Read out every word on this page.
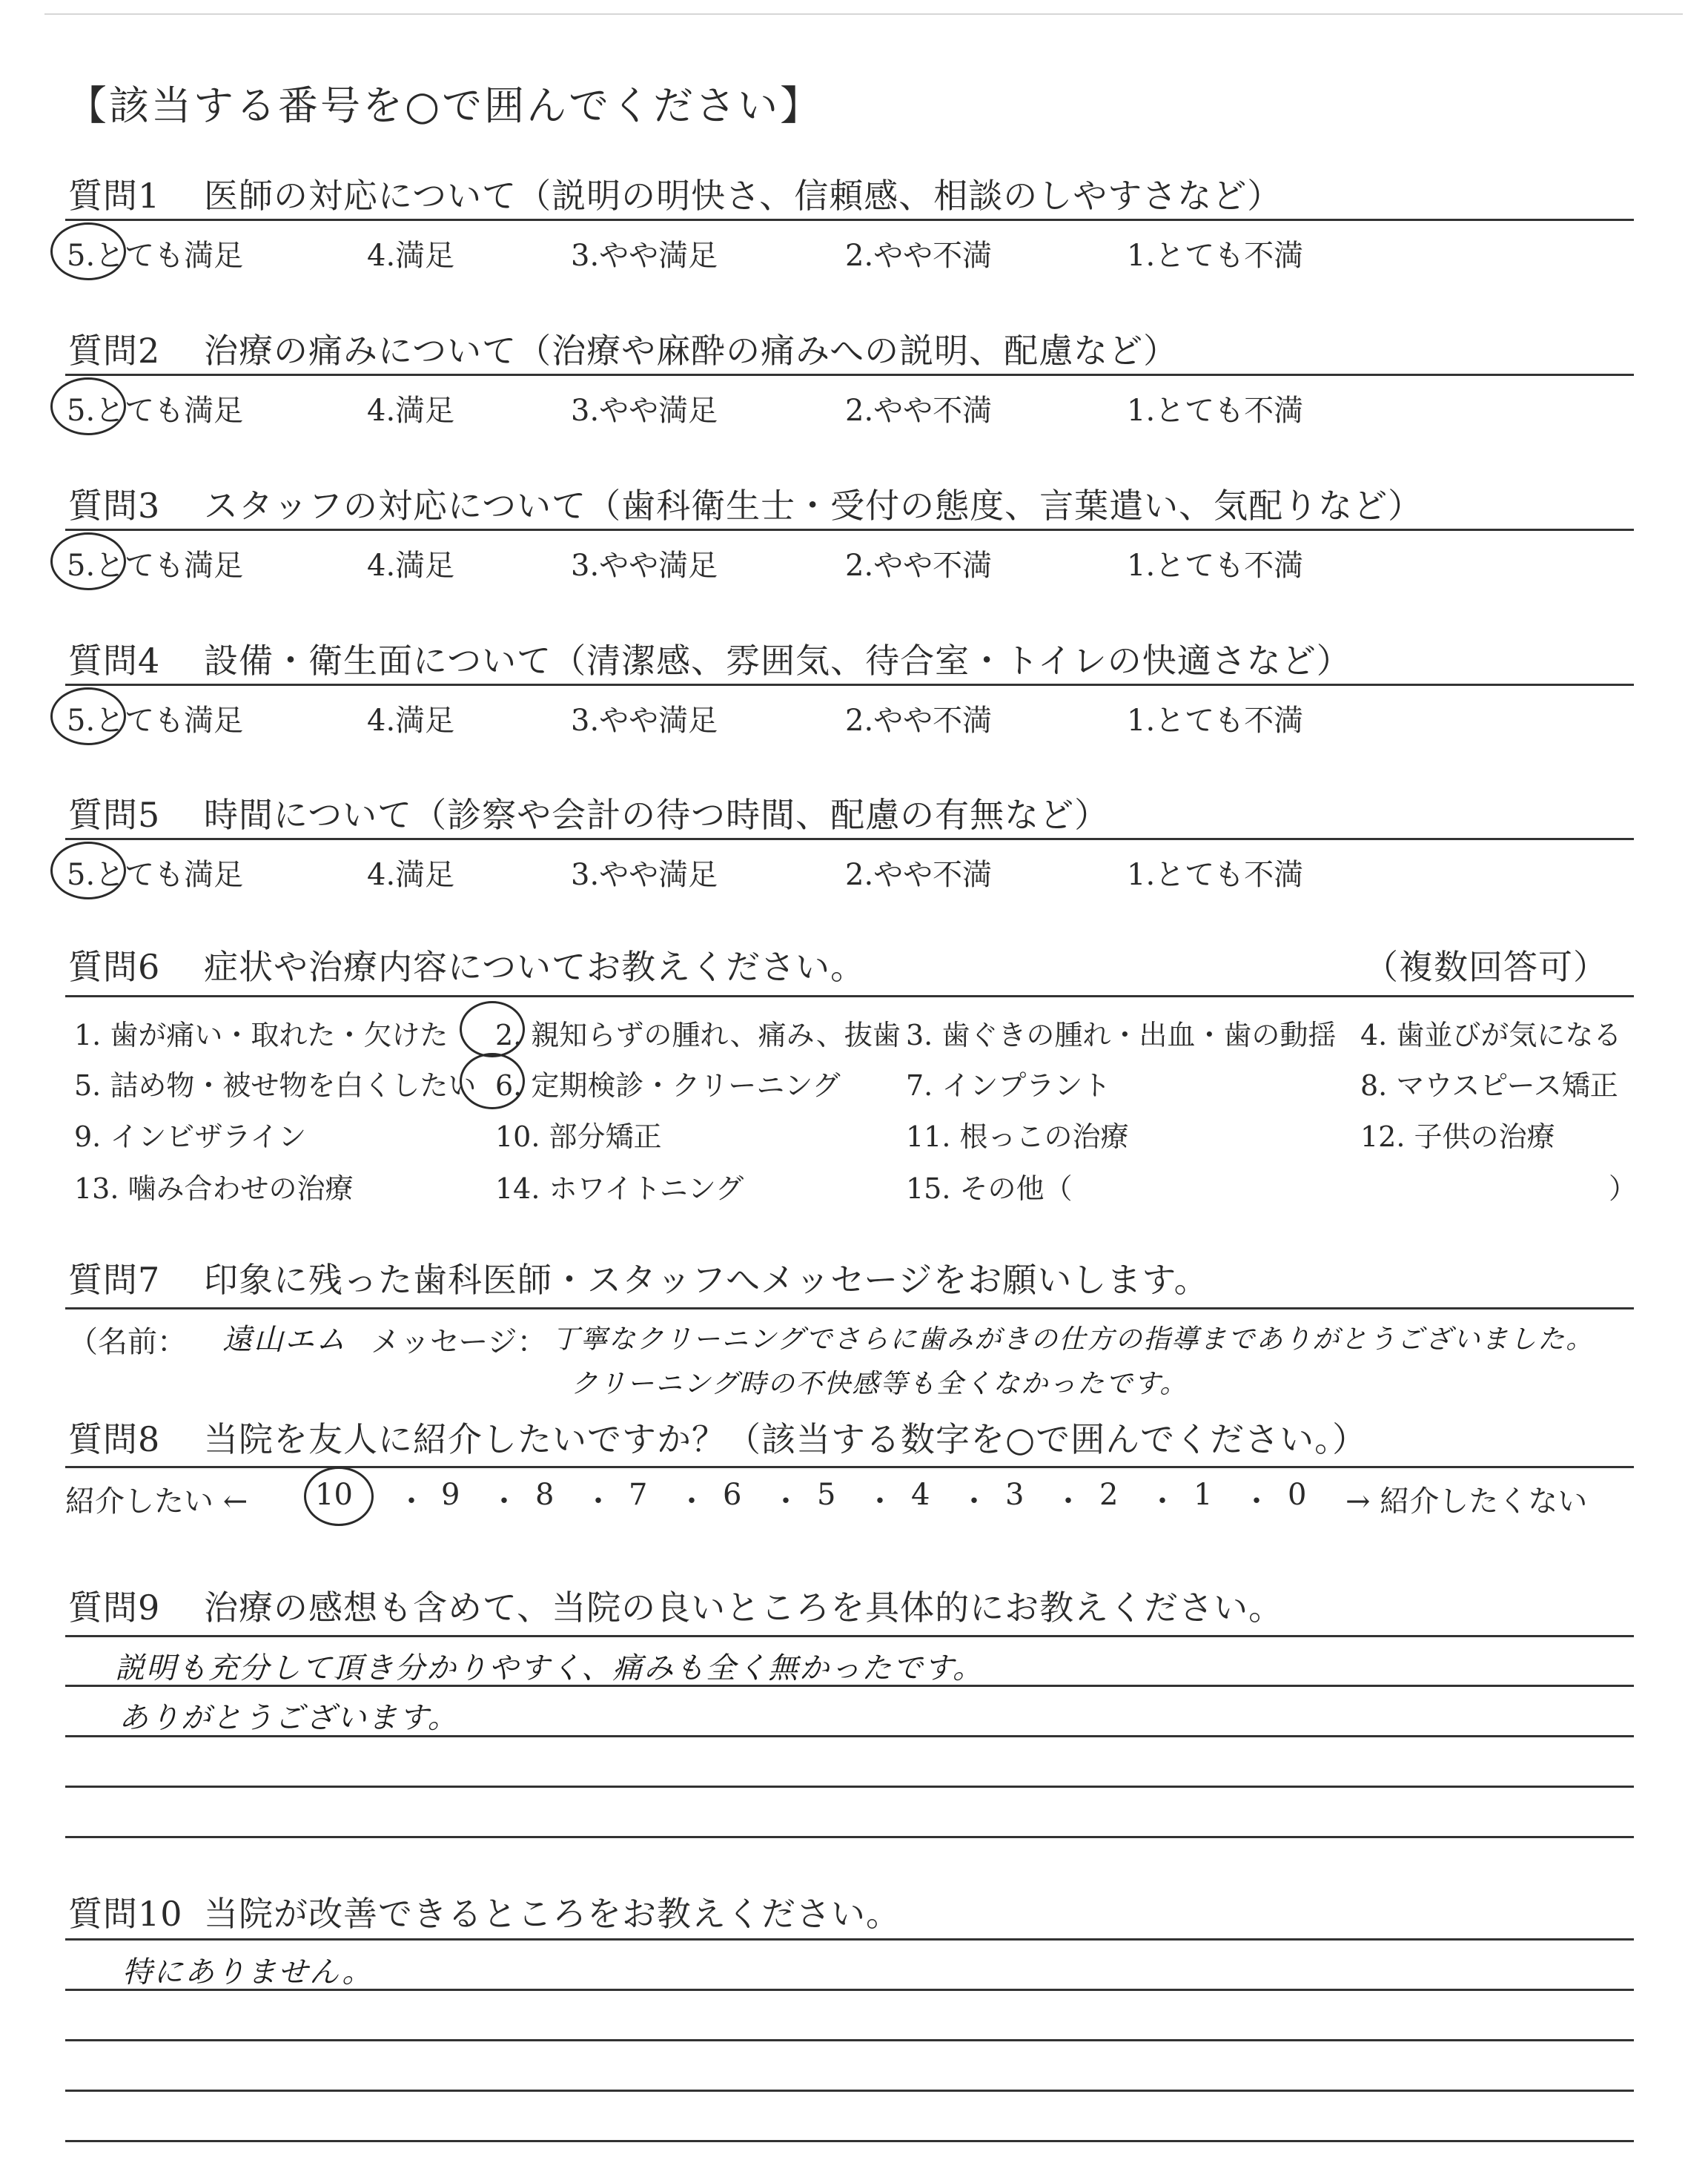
【該当する番号を○で囲んでください】
質問1 医師の対応について（説明の明快さ、信頼感、相談のしやすさなど）
5.とても満足	4.満足	3.やや満足	2.やや不満	1.とても不満
質問2 治療の痛みについて（治療や麻酔の痛みへの説明、配慮など）
5.とても満足	4.満足	3.やや満足	2.やや不満	1.とても不満
質問3 スタッフの対応について（歯科衛生士・受付の態度、言葉遣い、気配りなど）
5.とても満足	4.満足	3.やや満足	2.やや不満	1.とても不満
質問4 設備・衛生面について（清潔感、雰囲気、待合室・トイレの快適さなど）
5.とても満足	4.満足	3.やや満足	2.やや不満	1.とても不満
質問5 時間について（診察や会計の待つ時間、配慮の有無など）
5.とても満足	4.満足	3.やや満足	2.やや不満	1.とても不満
質問6 症状や治療内容についてお教えください。	（複数回答可）
1. 歯が痛い・取れた・欠けた 2. 親知らずの腫れ、痛み、抜歯 3. 歯ぐきの腫れ・出血・歯の動揺 4. 歯並びが気になる
5. 詰め物・被せ物を白くしたい 6. 定期検診・クリーニング 7. インプラント	8. マウスピース矯正
9. インビザライン	10. 部分矯正	11. 根っこの治療	12. 子供の治療
13. 噛み合わせの治療	14. ホワイトニング	15. その他（	）
質問7 印象に残った歯科医師・スタッフへメッセージをお願いします。
（名前： 遠山エム メッセージ： 丁寧なクリーニングでさらに歯みがきの仕方の指導までありがとうございました。
クリーニング時の不快感等も全くなかったです。
質問8 当院を友人に紹介したいですか？（該当する数字を○で囲んでください。）
紹介したい ← 10 ・ 9 ・ 8 ・ 7 ・ 6 ・ 5 ・ 4 ・ 3 ・ 2 ・ 1 ・ 0 → 紹介したくない
質問9 治療の感想も含めて、当院の良いところを具体的にお教えください。
説明も充分して頂き分かりやすく、痛みも全く無かったです。
ありがとうございます。
質問10 当院が改善できるところをお教えください。
特にありません。
